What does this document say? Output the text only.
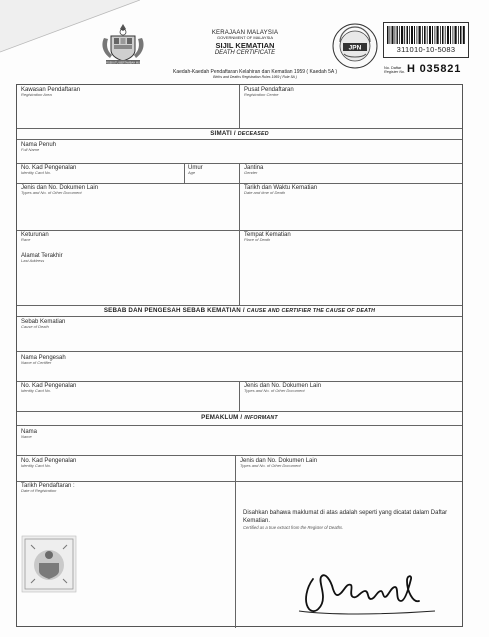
BERSEKUTU BERTAMBAH MUTU
KERAJAAN MALAYSIA
GOVERNMENT OF MALAYSIA
SIJIL KEMATIAN
DEATH CERTIFICATE
Kaedah-Kaedah Pendaftaran Kelahiran dan Kematian 1959 ( Kaedah 5A )
Births and Deaths Registration Rules 1959 ( Rule 5A )
JPN	311010-10-5083
No. Daftar
Register No. H 035821
Kawasan Pendaftaran
Registration Area
Pusat Pendaftaran
Registration Centre
SIMATI / DECEASED
Nama Penuh
Full Name
No. Kad Pengenalan
Identity Card No.
Umur
Age
Jantina
Gender
Jenis dan No. Dokumen Lain
Types and No. of Other Document
Tarikh dan Waktu Kematian
Date and time of Death
Keturunan
Race
Tempat Kematian
Place of Death
Alamat Terakhir
Last Address
SEBAB DAN PENGESAH SEBAB KEMATIAN / CAUSE AND CERTIFIER THE CAUSE OF DEATH
Sebab Kematian
Cause of Death
Nama Pengesah
Name of Certifier
No. Kad Pengenalan
Identity Card No.
Jenis dan No. Dokumen Lain
Types and No. of Other Document
PEMAKLUM / INFORMANT
Nama
Name
No. Kad Pengenalan
Identity Card No.
Jenis dan No. Dokumen Lain
Types and No. of Other Document
Tarikh Pendaftaran :
Date of Registration
Disahkan bahawa maklumat di atas adalah seperti yang dicatat dalam Daftar Kematian.
Certified as a true extract from the Register of Deaths.
